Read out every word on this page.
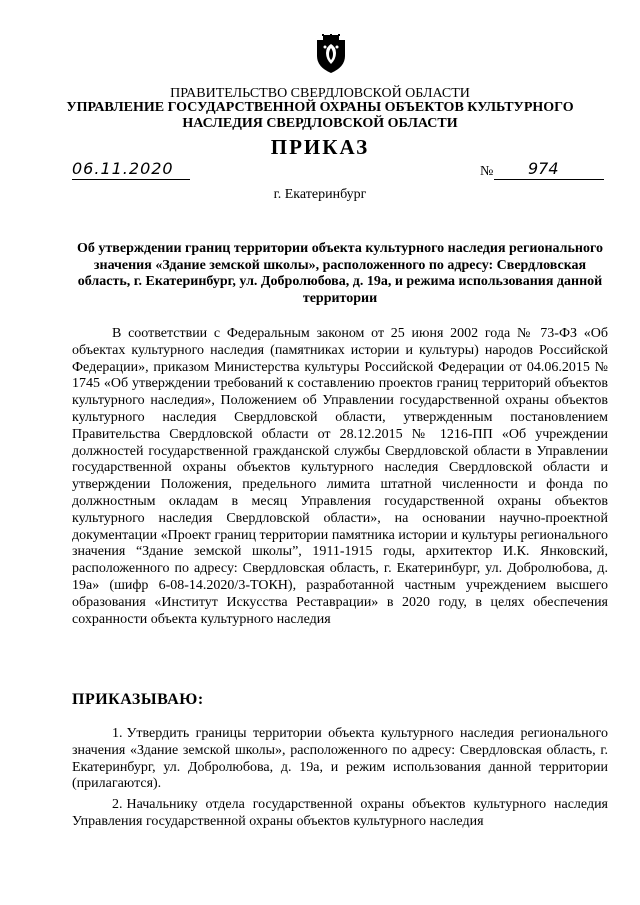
ПРАВИТЕЛЬСТВО СВЕРДЛОВСКОЙ ОБЛАСТИ
УПРАВЛЕНИЕ ГОСУДАРСТВЕННОЙ ОХРАНЫ ОБЪЕКТОВ КУЛЬТУРНОГО НАСЛЕДИЯ СВЕРДЛОВСКОЙ ОБЛАСТИ
ПРИКАЗ
06.11.2020	№ 974
г. Екатеринбург
Об утверждении границ территории объекта культурного наследия регионального значения «Здание земской школы», расположенного по адресу: Свердловская область, г. Екатеринбург, ул. Добролюбова, д. 19а, и режима использования данной территории
В соответствии с Федеральным законом от 25 июня 2002 года № 73-ФЗ «Об объектах культурного наследия (памятниках истории и культуры) народов Российской Федерации», приказом Министерства культуры Российской Федерации от 04.06.2015 № 1745 «Об утверждении требований к составлению проектов границ территорий объектов культурного наследия», Положением об Управлении государственной охраны объектов культурного наследия Свердловской области, утвержденным постановлением Правительства Свердловской области от 28.12.2015 № 1216-ПП «Об учреждении должностей государственной гражданской службы Свердловской области в Управлении государственной охраны объектов культурного наследия Свердловской области и утверждении Положения, предельного лимита штатной численности и фонда по должностным окладам в месяц Управления государственной охраны объектов культурного наследия Свердловской области», на основании научно-проектной документации «Проект границ территории памятника истории и культуры регионального значения “Здание земской школы”, 1911-1915 годы, архитектор И.К. Янковский, расположенного по адресу: Свердловская область, г. Екатеринбург, ул. Добролюбова, д. 19а» (шифр 6-08-14.2020/3-ТОКН), разработанной частным учреждением высшего образования «Институт Искусства Реставрации» в 2020 году, в целях обеспечения сохранности объекта культурного наследия
ПРИКАЗЫВАЮ:
1. Утвердить границы территории объекта культурного наследия регионального значения «Здание земской школы», расположенного по адресу: Свердловская область, г. Екатеринбург, ул. Добролюбова, д. 19а, и режим использования данной территории (прилагаются).
2. Начальнику отдела государственной охраны объектов культурного наследия Управления государственной охраны объектов культурного наследия
